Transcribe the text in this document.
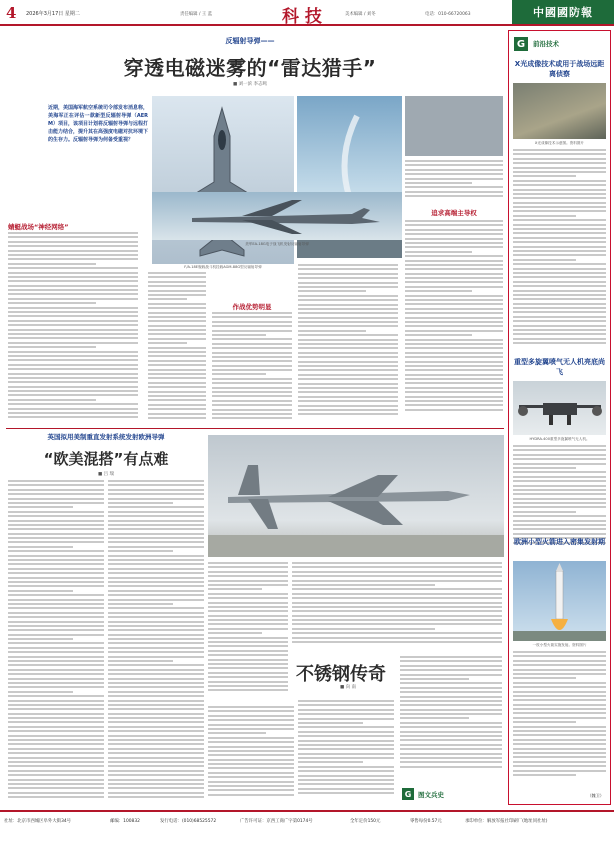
4 2026年3月17日 星期二	责任编辑 / 王 蓝	科 技	美术编辑 / 刘冬	电话：010-66720063	中國國防報
反辐射导弹——
穿透电磁迷雾的“雷达猎手”
■ 刘一滨 李志鸣
近期，美国海军航空系统司令部发布消息称，美海军正在评估一款新型反辐射导弹（AERM）项目，该项目计划将反辐射导弹与远程打击能力结合，提升其在高强度电磁对抗环境下的生存力。反辐射导弹为何备受重视？
F/A-18E舰载战斗机挂载AGM-88G型反辐射导弹
美军EA-18G电子战飞机发射反辐射导弹
蜻蜓战场“神经网络”
作战优势明显
追求高端主导权
英国拟用美制重直发射系统发射欧洲导弹
“欧美混搭”有点难
■ 吕 瑞
不锈钢传奇
■ 向 南
G	图文兵史
G	前沿技术
X光成像技术或用于战场远距离侦察
X光成像技术示意图。资料图片
重型多旋翼喷气无人机亮底尚飞
HYDRA-400重型多旋翼喷气无人机。
欧洲小型火箭进入密集发射期
一枚小型火箭实施发射。资料图片
（魏卫）
社址：北京市西城区阜外大街34号	邮编：100832	发行电话：(010)68525572	广告许可证：京西工商广字第0174号	全年定价150元	零售每份0.57元	承印单位：解放军报社印刷厂(地址同社址)
